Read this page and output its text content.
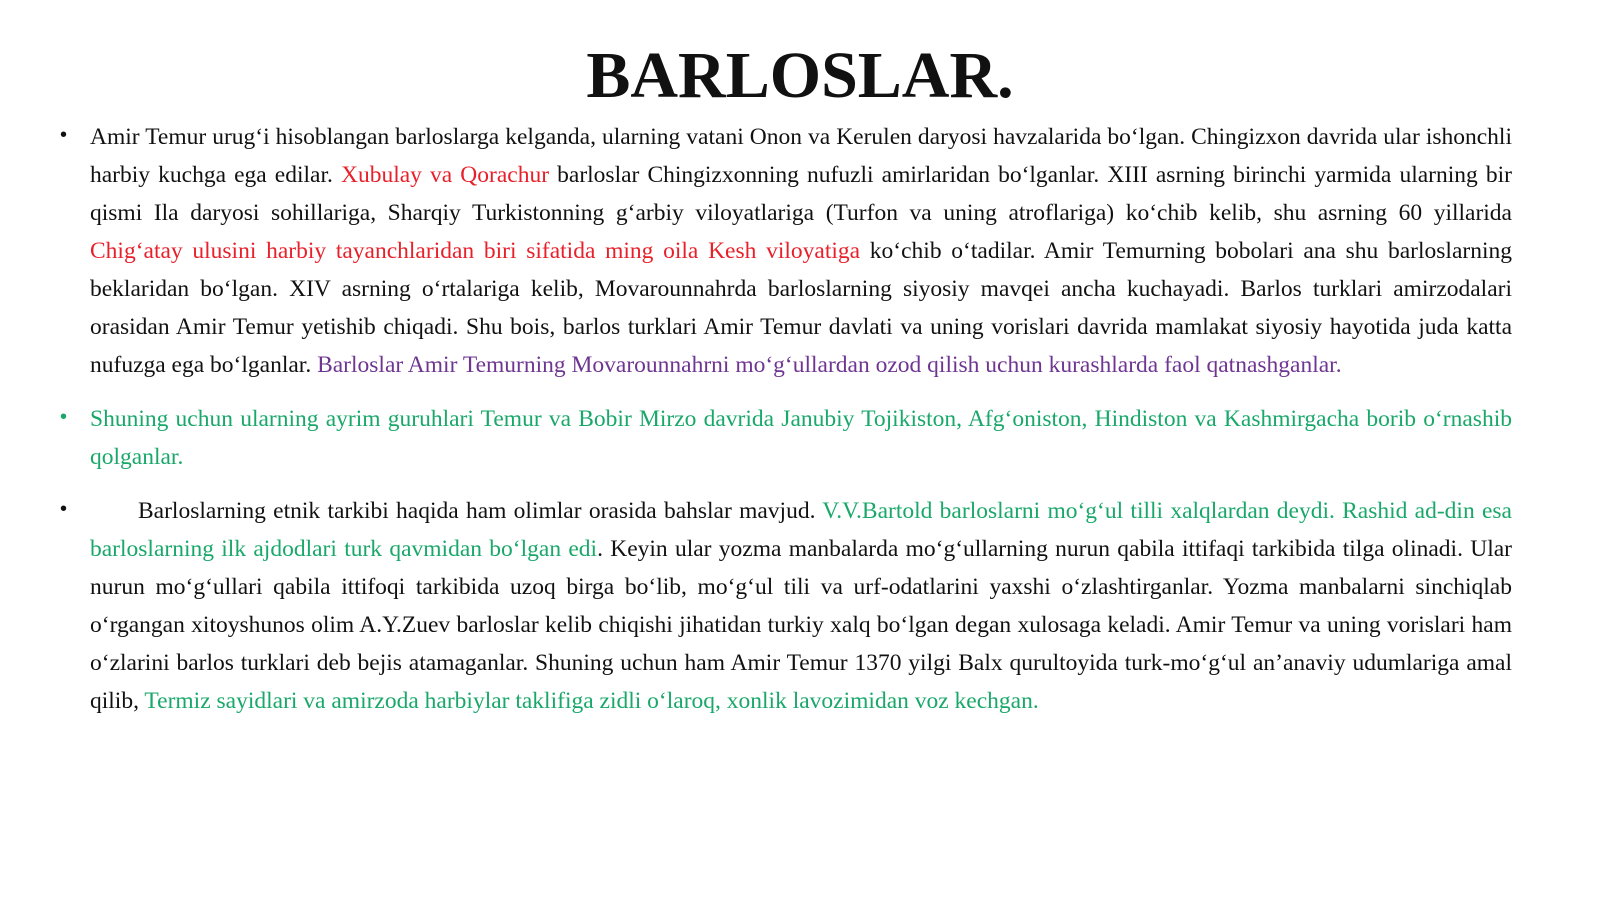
BARLOSLAR.
• Amir Temur urug‘i hisoblangan barloslarga kelganda, ularning vatani Onon va Kerulen daryosi havzalarida bo‘lgan. Chingizxon davrida ular ishonchli harbiy kuchga ega edilar. Xubulay va Qorachur barloslar Chingizxonning nufuzli amirlaridan bo‘lganlar. XIII asrning birinchi yarmida ularning bir qismi Ila daryosi sohillariga, Sharqiy Turkistonning g‘arbiy viloyatlariga (Turfon va uning atroflariga) ko‘chib kelib, shu asrning 60 yillarida Chig‘atay ulusini harbiy tayanchlaridan biri sifatida ming oila Kesh viloyatiga ko‘chib o‘tadilar. Amir Temurning bobolari ana shu barloslarning beklaridan bo‘lgan. XIV asrning o‘rtalariga kelib, Movarounnahrda barloslarning siyosiy mavqei ancha kuchayadi. Barlos turklari amirzodalari orasidan Amir Temur yetishib chiqadi. Shu bois, barlos turklari Amir Temur davlati va uning vorislari davrida mamlakat siyosiy hayotida juda katta nufuzga ega bo‘lganlar. Barloslar Amir Temurning Movarounnahrni mo‘g‘ullardan ozod qilish uchun kurashlarda faol qatnashganlar.
• Shuning uchun ularning ayrim guruhlari Temur va Bobir Mirzo davrida Janubiy Tojikiston, Afg‘oniston, Hindiston va Kashmirgacha borib o‘rnashib qolganlar.
•	Barloslarning etnik tarkibi haqida ham olimlar orasida bahslar mavjud. V.V.Bartold barloslarni mo‘g‘ul tilli xalqlardan deydi. Rashid ad-din esa barloslarning ilk ajdodlari turk qavmidan bo‘lgan edi. Keyin ular yozma manbalarda mo‘g‘ullarning nurun qabila ittifaqi tarkibida tilga olinadi. Ular nurun mo‘g‘ullari qabila ittifoqi tarkibida uzoq birga bo‘lib, mo‘g‘ul tili va urf-odatlarini yaxshi o‘zlashtirganlar. Yozma manbalarni sinchiqlab o‘rgangan xitoyshunos olim A.Y.Zuev barloslar kelib chiqishi jihatidan turkiy xalq bo‘lgan degan xulosaga keladi. Amir Temur va uning vorislari ham o‘zlarini barlos turklari deb bejis atamaganlar. Shuning uchun ham Amir Temur 1370 yilgi Balx qurultoyida turk-mo‘g‘ul an’anaviy udumlariga amal qilib, Termiz sayidlari va amirzoda harbiylar taklifiga zidli o‘laroq, xonlik lavozimidan voz kechgan.
